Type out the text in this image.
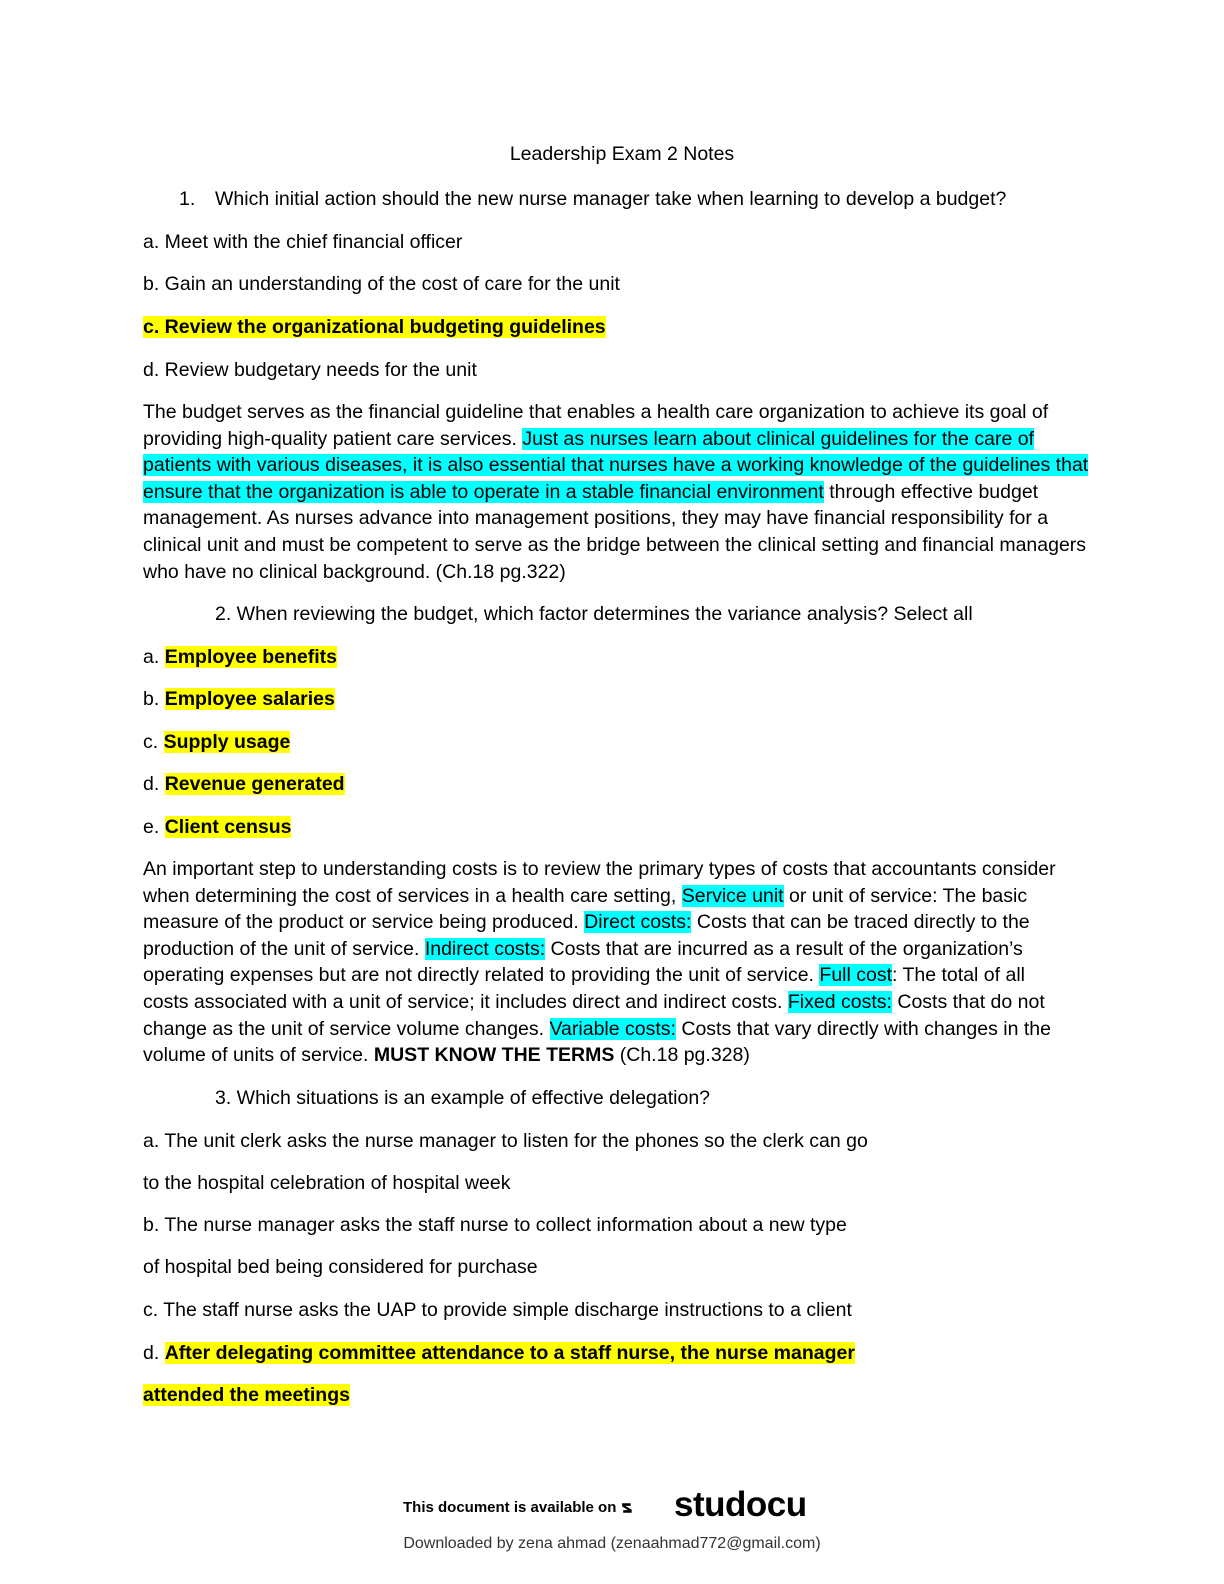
Leadership Exam 2 Notes
1. Which initial action should the new nurse manager take when learning to develop a budget?
a. Meet with the chief financial officer
b. Gain an understanding of the cost of care for the unit
c. Review the organizational budgeting guidelines
d. Review budgetary needs for the unit
The budget serves as the financial guideline that enables a health care organization to achieve its goal of providing high-quality patient care services. Just as nurses learn about clinical guidelines for the care of patients with various diseases, it is also essential that nurses have a working knowledge of the guidelines that ensure that the organization is able to operate in a stable financial environment through effective budget management. As nurses advance into management positions, they may have financial responsibility for a clinical unit and must be competent to serve as the bridge between the clinical setting and financial managers who have no clinical background. (Ch.18 pg.322)
2. When reviewing the budget, which factor determines the variance analysis? Select all
a. Employee benefits
b. Employee salaries
c. Supply usage
d. Revenue generated
e. Client census
An important step to understanding costs is to review the primary types of costs that accountants consider when determining the cost of services in a health care setting, Service unit or unit of service: The basic measure of the product or service being produced. Direct costs: Costs that can be traced directly to the production of the unit of service. Indirect costs: Costs that are incurred as a result of the organization’s operating expenses but are not directly related to providing the unit of service. Full cost: The total of all costs associated with a unit of service; it includes direct and indirect costs. Fixed costs: Costs that do not change as the unit of service volume changes. Variable costs: Costs that vary directly with changes in the volume of units of service. MUST KNOW THE TERMS (Ch.18 pg.328)
3. Which situations is an example of effective delegation?
a. The unit clerk asks the nurse manager to listen for the phones so the clerk can go
to the hospital celebration of hospital week
b. The nurse manager asks the staff nurse to collect information about a new type
of hospital bed being considered for purchase
c. The staff nurse asks the UAP to provide simple discharge instructions to a client
d. After delegating committee attendance to a staff nurse, the nurse manager
attended the meetings
This document is available on studocu
Downloaded by zena ahmad (zenaahmad772@gmail.com)
